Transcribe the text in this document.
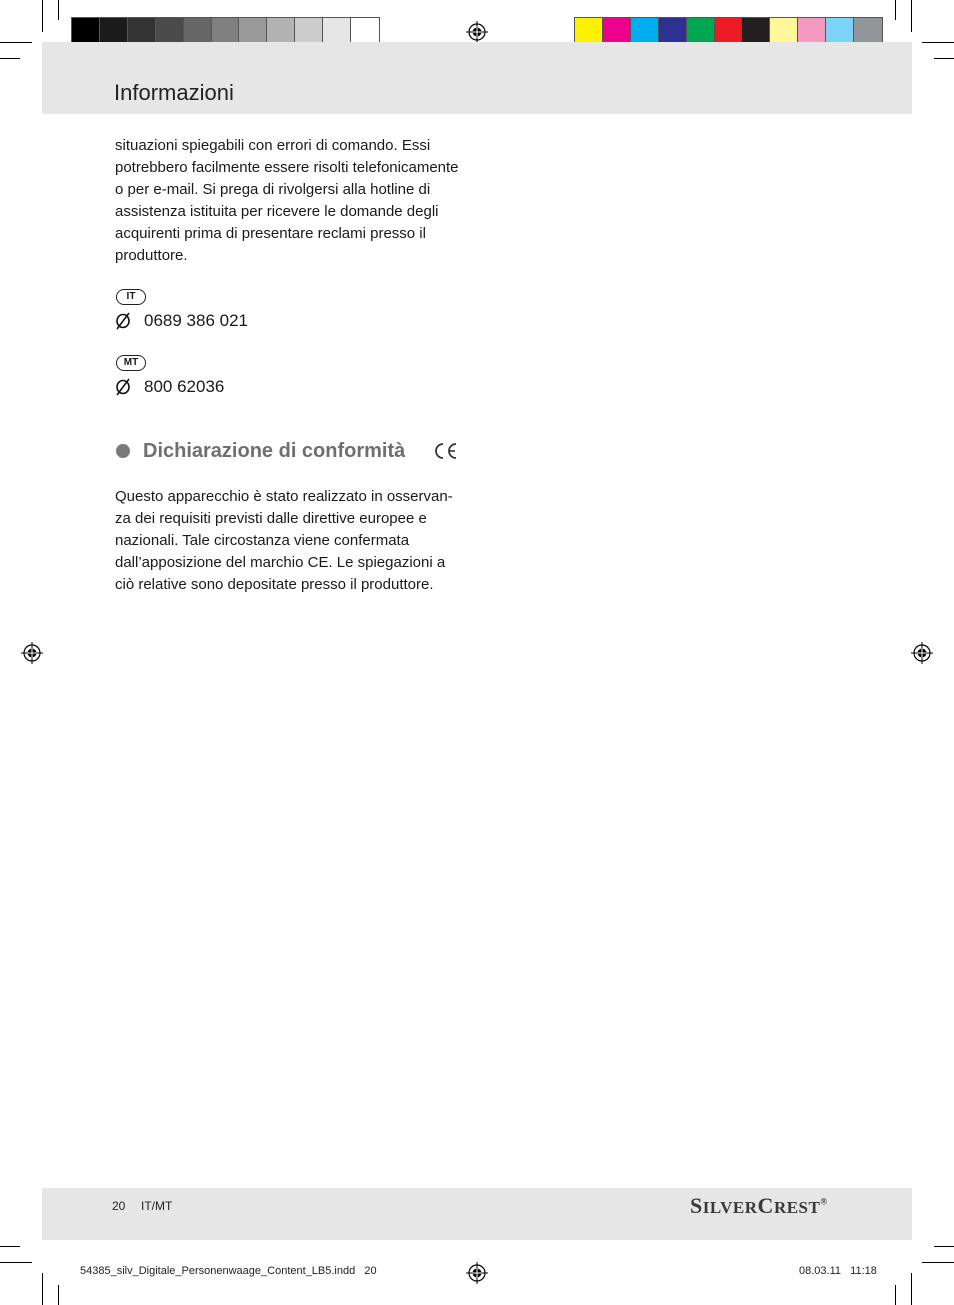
Informazioni
situazioni spiegabili con errori di comando. Essi
potrebbero facilmente essere risolti telefonicamente
o per e-mail. Si prega di rivolgersi alla hotline di
assistenza istituita per ricevere le domande degli
acquirenti prima di presentare reclami presso il
produttore.
IT
0689 386 021
MT
800 62036
Dichiarazione di conformità
Questo apparecchio è stato realizzato in osservan-
za dei requisiti previsti dalle direttive europee e
nazionali. Tale circostanza viene confermata
dall’apposizione del marchio CE. Le spiegazioni a
ciò relative sono depositate presso il produttore.
20 IT/MT	SILVERCREST®
54385_silv_Digitale_Personenwaage_Content_LB5.indd   20	08.03.11   11:18
